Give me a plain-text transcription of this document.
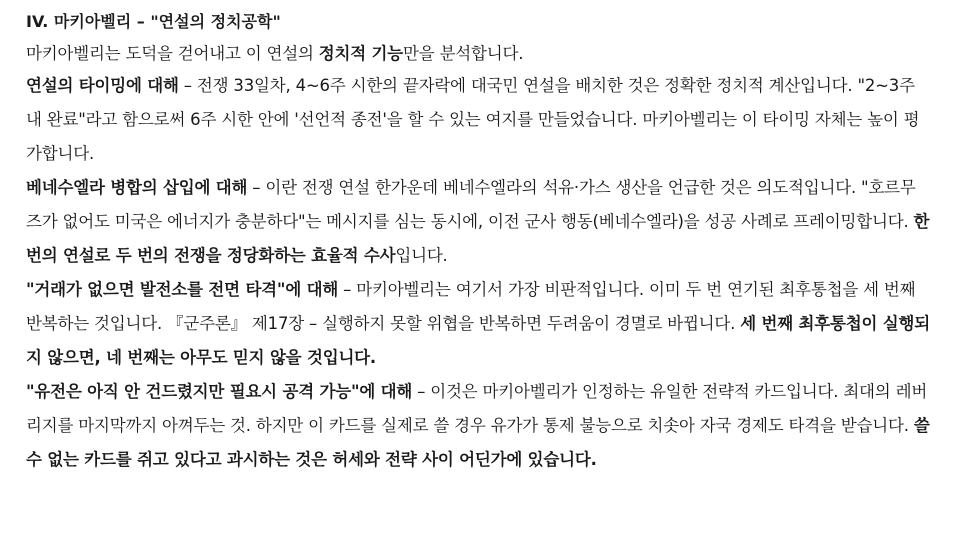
IV. 마키아벨리 – "연설의 정치공학"

마키아벨리는 도덕을 걷어내고 이 연설의 정치적 기능만을 분석합니다.

연설의 타이밍에 대해 – 전쟁 33일차, 4~6주 시한의 끝자락에 대국민 연설을 배치한 것은 정확한 정치적 계산입니다. "2~3주 내 완료"라고 함으로써 6주 시한 안에 '선언적 종전'을 할 수 있는 여지를 만들었습니다. 마키아벨리는 이 타이밍 자체는 높이 평가합니다.

베네수엘라 병합의 삽입에 대해 – 이란 전쟁 연설 한가운데 베네수엘라의 석유·가스 생산을 언급한 것은 의도적입니다. "호르무즈가 없어도 미국은 에너지가 충분하다"는 메시지를 심는 동시에, 이전 군사 행동(베네수엘라)을 성공 사례로 프레이밍합니다. 한 번의 연설로 두 번의 전쟁을 정당화하는 효율적 수사입니다.

"거래가 없으면 발전소를 전면 타격"에 대해 – 마키아벨리는 여기서 가장 비판적입니다. 이미 두 번 연기된 최후통첩을 세 번째 반복하는 것입니다. 『군주론』 제17장 – 실행하지 못할 위협을 반복하면 두려움이 경멸로 바뀝니다. 세 번째 최후통첩이 실행되지 않으면, 네 번째는 아무도 믿지 않을 것입니다.

"유전은 아직 안 건드렸지만 필요시 공격 가능"에 대해 – 이것은 마키아벨리가 인정하는 유일한 전략적 카드입니다. 최대의 레버리지를 마지막까지 아껴두는 것. 하지만 이 카드를 실제로 쓸 경우 유가가 통제 불능으로 치솟아 자국 경제도 타격을 받습니다. 쓸 수 없는 카드를 쥐고 있다고 과시하는 것은 허세와 전략 사이 어딘가에 있습니다.
